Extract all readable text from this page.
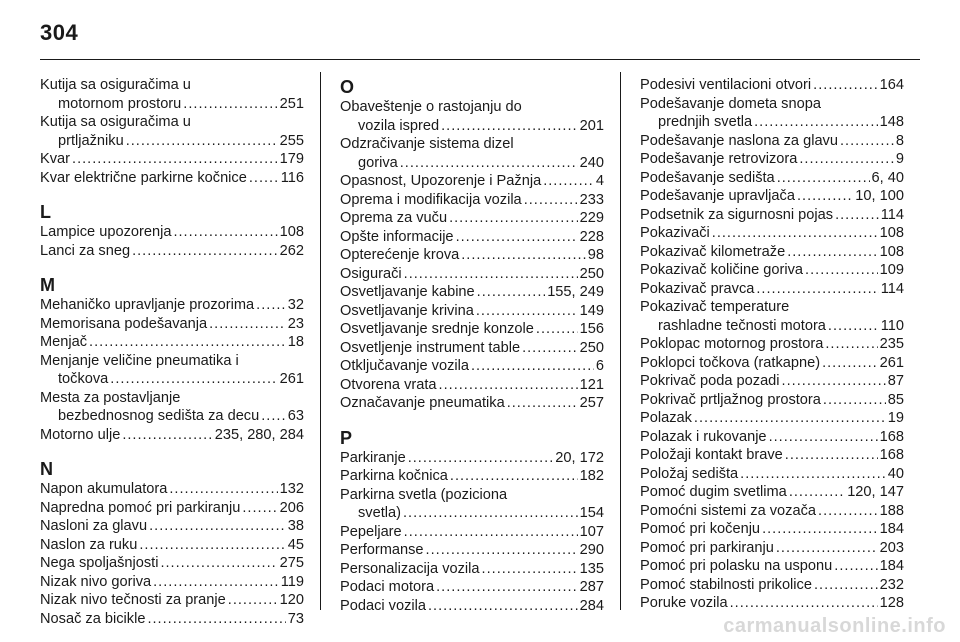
304
Kutija sa osiguračima u
motornom prostoru .....	251
Kutija sa osiguračima u
prtljažniku .....	255
Kvar .....	179
Kvar električne parkirne kočnice ..... 116
L
Lampice upozorenja .....	108
Lanci za sneg .....	262
M
Mehaničko upravljanje prozorima ..... 32
Memorisana podešavanja .....	23
Menjač .....	18
Menjanje veličine pneumatika i
točkova .....	261
Mesta za postavljanje
bezbednosnog sedišta za decu ..... 63
Motorno ulje .....	235, 280, 284
N
Napon akumulatora .....	132
Napredna pomoć pri parkiranju .....	206
Nasloni za glavu .....	38
Naslon za ruku .....	45
Nega spoljašnjosti .....	275
Nizak nivo goriva .....	119
Nizak nivo tečnosti za pranje .....	120
Nosač za bicikle .....	73
O
Obaveštenje o rastojanju do
vozila ispred .....	201
Odzračivanje sistema dizel
goriva .....	240
Opasnost, Upozorenje i Pažnja .....	4
Oprema i modifikacija vozila .....	233
Oprema za vuču .....	229
Opšte informacije .....	228
Opterećenje krova .....	98
Osigurači .....	250
Osvetljavanje kabine .....	155, 249
Osvetljavanje krivina .....	149
Osvetljavanje srednje konzole .....	156
Osvetljenje instrument table .....	250
Otključavanje vozila .....	6
Otvorena vrata .....	121
Označavanje pneumatika .....	257
P
Parkiranje .....	20, 172
Parkirna kočnica .....	182
Parkirna svetla (poziciona
svetla) .....	154
Pepeljare .....	107
Performanse .....	290
Personalizacija vozila .....	135
Podaci motora .....	287
Podaci vozila .....	284
Podesivi ventilacioni otvori .....	164
Podešavanje dometa snopa
prednjih svetla .....	148
Podešavanje naslona za glavu .....	8
Podešavanje retrovizora .....	9
Podešavanje sedišta .....	6, 40
Podešavanje upravljača .....	10, 100
Podsetnik za sigurnosni pojas .....	114
Pokazivači .....	108
Pokazivač kilometraže .....	108
Pokazivač količine goriva .....	109
Pokazivač pravca .....	114
Pokazivač temperature
rashladne tečnosti motora .....	110
Poklopac motornog prostora .....	235
Poklopci točkova (ratkapne) .....	261
Pokrivač poda pozadi .....	87
Pokrivač prtljažnog prostora .....	85
Polazak .....	19
Polazak i rukovanje .....	168
Položaji kontakt brave .....	168
Položaj sedišta .....	40
Pomoć dugim svetlima .....	120, 147
Pomoćni sistemi za vozača .....	188
Pomoć pri kočenju .....	184
Pomoć pri parkiranju .....	203
Pomoć pri polasku na usponu .....	184
Pomoć stabilnosti prikolice .....	232
Poruke vozila .....	128
carmanualsonline.info
